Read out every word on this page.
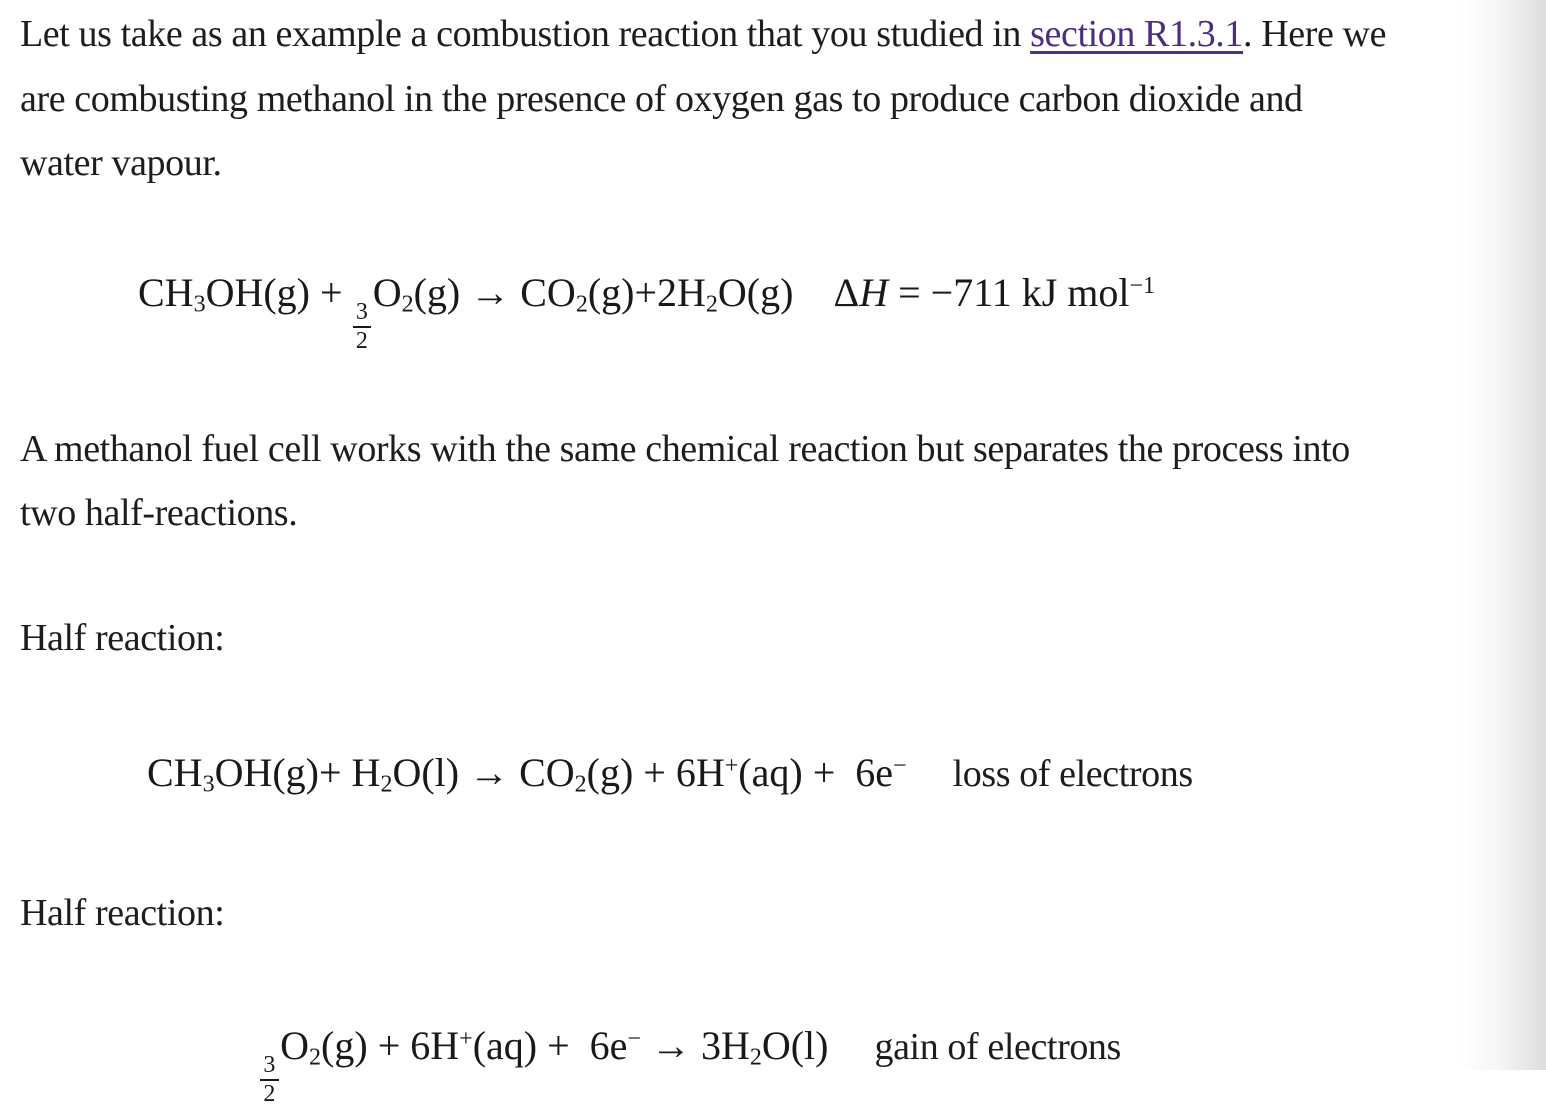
Let us take as an example a combustion reaction that you studied in section R1.3.1. Here we
are combusting methanol in the presence of oxygen gas to produce carbon dioxide and
water vapour.

CH3OH(g) +
$\frac{3}{2}$
O2(g) → CO2(g)+2H2O(g) ΔH = −711 kJ mol$^{-1}$

A methanol fuel cell works with the same chemical reaction but separates the process into
two half-reactions.

Half reaction:

CH3OH(g)+ H2O(l) → CO2(g) + 6H+(aq) + 6e− loss of electrons

Half reaction:

$\frac{3}{2}$
O2(g) + 6H+(aq) + 6e− → 3H2O(l) gain of electrons
